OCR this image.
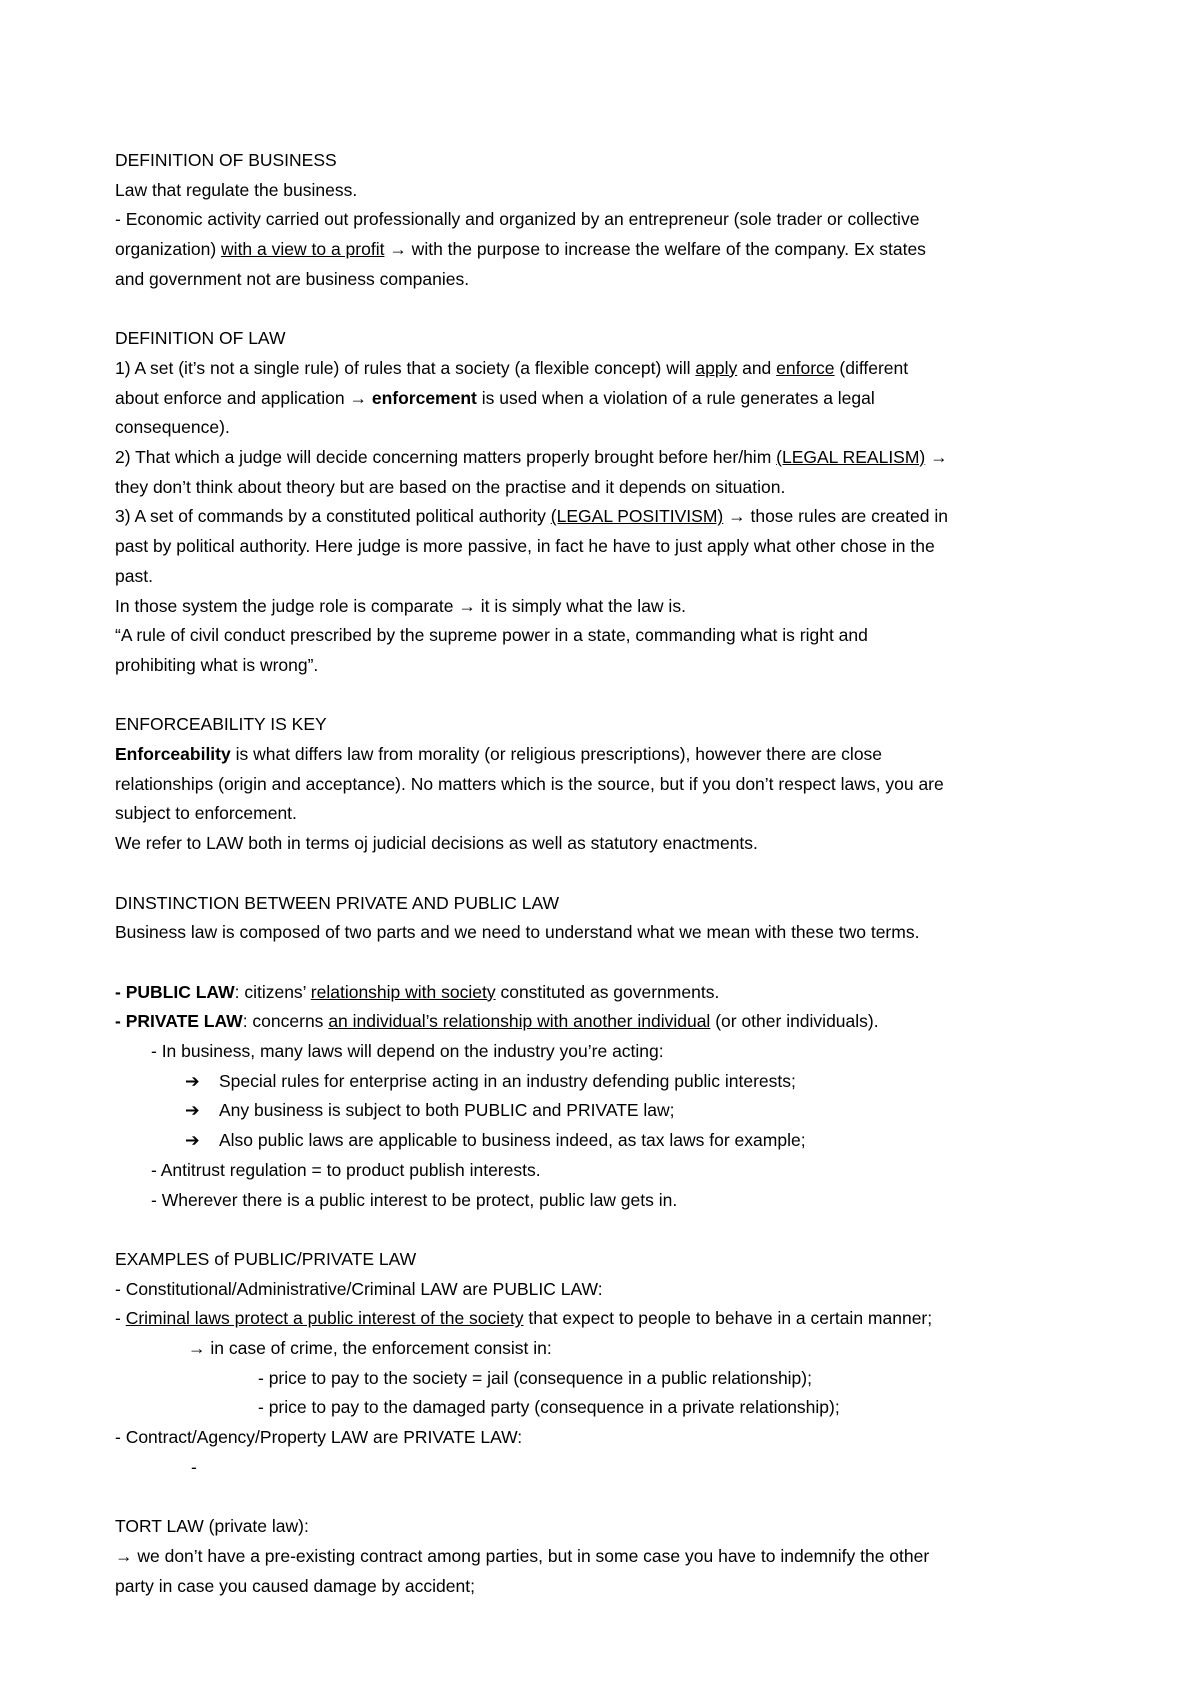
DEFINITION OF BUSINESS
Law that regulate the business.
- Economic activity carried out professionally and organized by an entrepreneur (sole trader or collective
organization) with a view to a profit → with the purpose to increase the welfare of the company. Ex states
and government not are business companies.
DEFINITION OF LAW
1) A set (it’s not a single rule) of rules that a society (a flexible concept) will apply and enforce (different
about enforce and application → enforcement is used when a violation of a rule generates a legal
consequence).
2) That which a judge will decide concerning matters properly brought before her/him (LEGAL REALISM) →
they don’t think about theory but are based on the practise and it depends on situation.
3) A set of commands by a constituted political authority (LEGAL POSITIVISM) → those rules are created in
past by political authority. Here judge is more passive, in fact he have to just apply what other chose in the
past.
In those system the judge role is comparate → it is simply what the law is.
“A rule of civil conduct prescribed by the supreme power in a state, commanding what is right and
prohibiting what is wrong”.
ENFORCEABILITY IS KEY
Enforceability is what differs law from morality (or religious prescriptions), however there are close
relationships (origin and acceptance). No matters which is the source, but if you don’t respect laws, you are
subject to enforcement.
We refer to LAW both in terms oj judicial decisions as well as statutory enactments.
DINSTINCTION BETWEEN PRIVATE AND PUBLIC LAW
Business law is composed of two parts and we need to understand what we mean with these two terms.
- PUBLIC LAW: citizens’ relationship with society constituted as governments.
- PRIVATE LAW: concerns an individual’s relationship with another individual (or other individuals).
- In business, many laws will depend on the industry you’re acting:
➔ Special rules for enterprise acting in an industry defending public interests;
➔ Any business is subject to both PUBLIC and PRIVATE law;
➔ Also public laws are applicable to business indeed, as tax laws for example;
- Antitrust regulation = to product publish interests.
- Wherever there is a public interest to be protect, public law gets in.
EXAMPLES of PUBLIC/PRIVATE LAW
- Constitutional/Administrative/Criminal LAW are PUBLIC LAW:
- Criminal laws protect a public interest of the society that expect to people to behave in a certain manner;
→ in case of crime, the enforcement consist in:
- price to pay to the society = jail (consequence in a public relationship);
- price to pay to the damaged party (consequence in a private relationship);
- Contract/Agency/Property LAW are PRIVATE LAW:
-
TORT LAW (private law):
→ we don’t have a pre-existing contract among parties, but in some case you have to indemnify the other
party in case you caused damage by accident;
